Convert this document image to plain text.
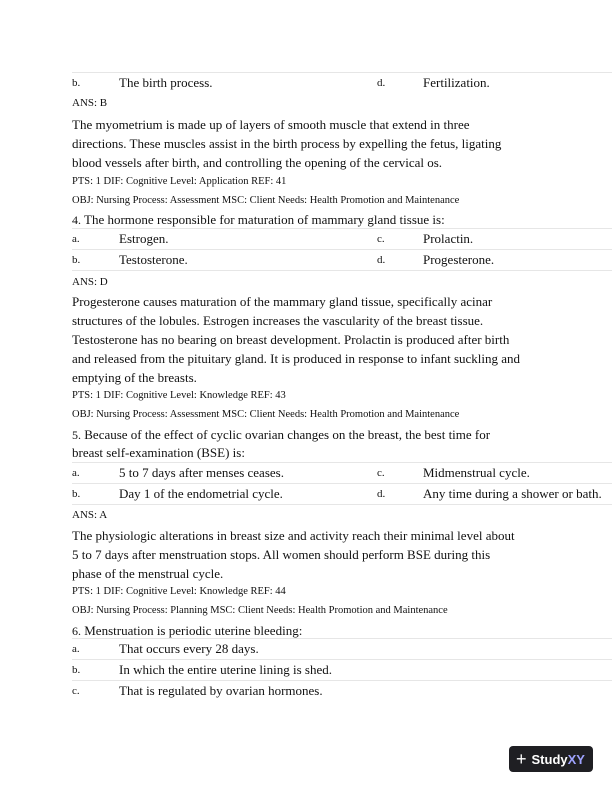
b.	The birth process.	d.	Fertilization.
ANS: B
The myometrium is made up of layers of smooth muscle that extend in three
directions. These muscles assist in the birth process by expelling the fetus, ligating
blood vessels after birth, and controlling the opening of the cervical os.
PTS: 1 DIF: Cognitive Level: Application REF: 41
OBJ: Nursing Process: Assessment MSC: Client Needs: Health Promotion and Maintenance
4. The hormone responsible for maturation of mammary gland tissue is:
a.	Estrogen.	c.	Prolactin.
b.	Testosterone.	d.	Progesterone.
ANS: D
Progesterone causes maturation of the mammary gland tissue, specifically acinar
structures of the lobules. Estrogen increases the vascularity of the breast tissue.
Testosterone has no bearing on breast development. Prolactin is produced after birth
and released from the pituitary gland. It is produced in response to infant suckling and
emptying of the breasts.
PTS: 1 DIF: Cognitive Level: Knowledge REF: 43
OBJ: Nursing Process: Assessment MSC: Client Needs: Health Promotion and Maintenance
5. Because of the effect of cyclic ovarian changes on the breast, the best time for
breast self-examination (BSE) is:
a.	5 to 7 days after menses ceases.	c.	Midmenstrual cycle.
b.	Day 1 of the endometrial cycle.	d.	Any time during a shower or bath.
ANS: A
The physiologic alterations in breast size and activity reach their minimal level about
5 to 7 days after menstruation stops. All women should perform BSE during this
phase of the menstrual cycle.
PTS: 1 DIF: Cognitive Level: Knowledge REF: 44
OBJ: Nursing Process: Planning MSC: Client Needs: Health Promotion and Maintenance
6. Menstruation is periodic uterine bleeding:
a.	That occurs every 28 days.
b.	In which the entire uterine lining is shed.
c.	That is regulated by ovarian hormones.
+ Study XY
